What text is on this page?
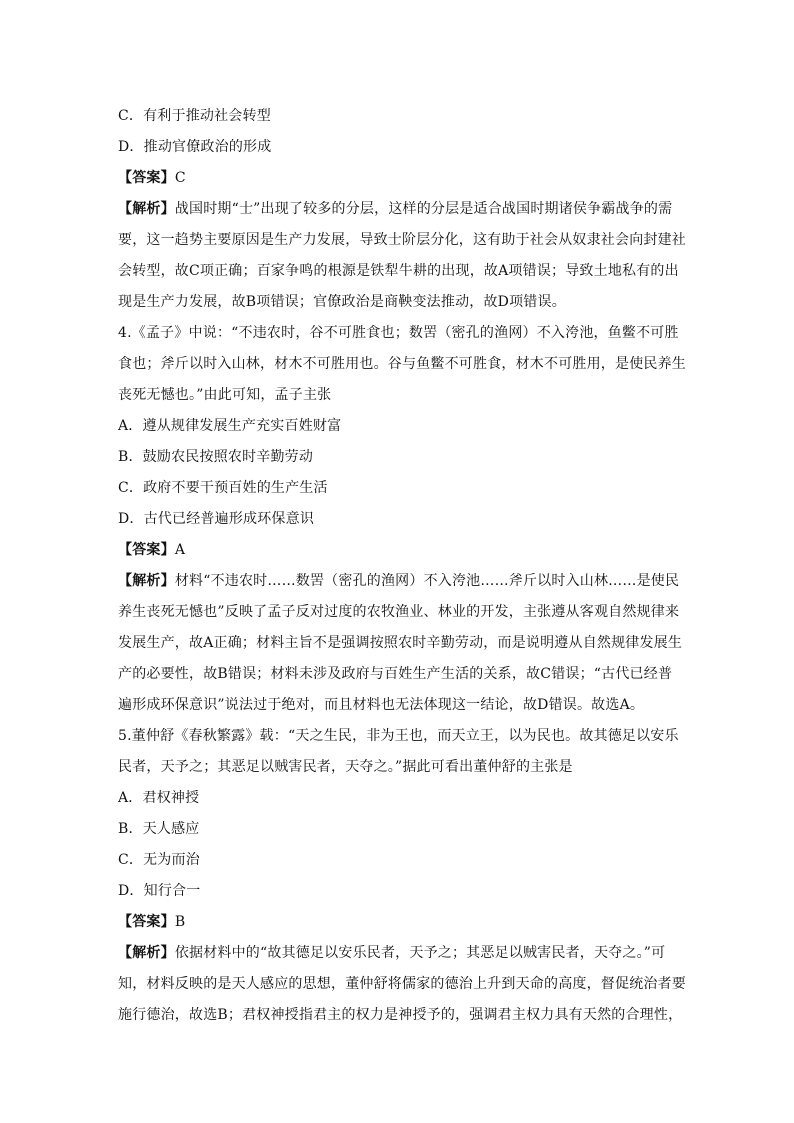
C．有利于推动社会转型
D．推动官僚政治的形成
【答案】C
【解析】战国时期“士”出现了较多的分层，这样的分层是适合战国时期诸侯争霸战争的需
要，这一趋势主要原因是生产力发展，导致士阶层分化，这有助于社会从奴隶社会向封建社
会转型，故C项正确；百家争鸣的根源是铁犁牛耕的出现，故A项错误；导致土地私有的出
现是生产力发展，故B项错误；官僚政治是商鞅变法推动，故D项错误。
4.《孟子》中说：“不违农时，谷不可胜食也；数罟（密孔的渔网）不入洿池，鱼鳖不可胜
食也；斧斤以时入山林，材木不可胜用也。谷与鱼鳖不可胜食，材木不可胜用，是使民养生
丧死无憾也。”由此可知，孟子主张
A．遵从规律发展生产充实百姓财富
B．鼓励农民按照农时辛勤劳动
C．政府不要干预百姓的生产生活
D．古代已经普遍形成环保意识
【答案】A
【解析】材料“不违农时……数罟（密孔的渔网）不入洿池……斧斤以时入山林……是使民
养生丧死无憾也”反映了孟子反对过度的农牧渔业、林业的开发，主张遵从客观自然规律来
发展生产，故A正确；材料主旨不是强调按照农时辛勤劳动，而是说明遵从自然规律发展生
产的必要性，故B错误；材料未涉及政府与百姓生产生活的关系，故C错误；“古代已经普
遍形成环保意识”说法过于绝对，而且材料也无法体现这一结论，故D错误。故选A。
5.董仲舒《春秋繁露》载：“天之生民，非为王也，而天立王，以为民也。故其德足以安乐
民者，天予之；其恶足以贼害民者，天夺之。”据此可看出董仲舒的主张是
A．君权神授
B．天人感应
C．无为而治
D．知行合一
【答案】B
【解析】依据材料中的“故其德足以安乐民者，天予之；其恶足以贼害民者，天夺之。”可
知，材料反映的是天人感应的思想，董仲舒将儒家的德治上升到天命的高度，督促统治者要
施行德治，故选B；君权神授指君主的权力是神授予的，强调君主权力具有天然的合理性，
